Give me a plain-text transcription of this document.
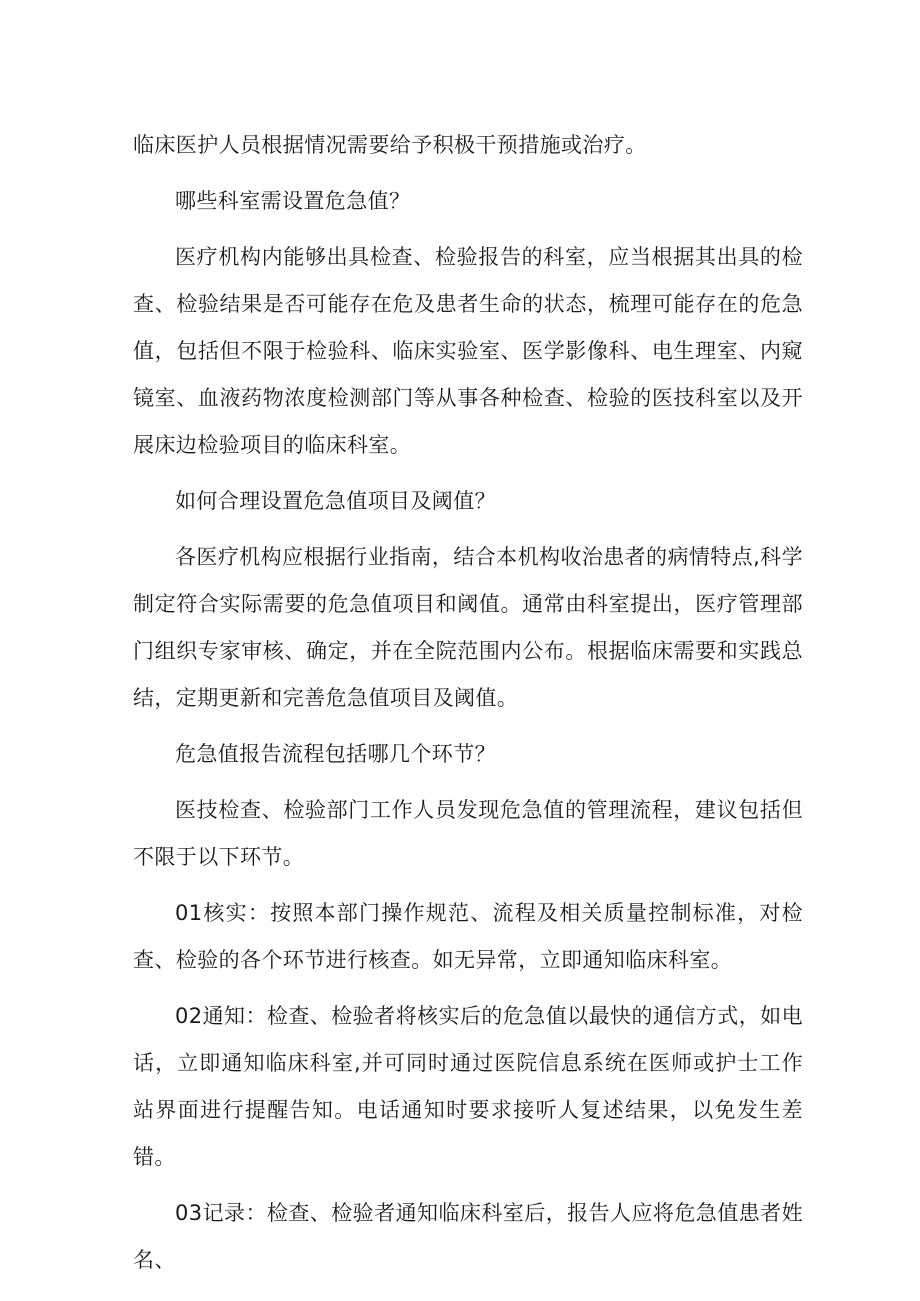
临床医护人员根据情况需要给予积极干预措施或治疗。

哪些科室需设置危急值？

医疗机构内能够出具检查、检验报告的科室，应当根据其出具的检查、检验结果是否可能存在危及患者生命的状态，梳理可能存在的危急值，包括但不限于检验科、临床实验室、医学影像科、电生理室、内窥镜室、血液药物浓度检测部门等从事各种检查、检验的医技科室以及开展床边检验项目的临床科室。

如何合理设置危急值项目及阈值？

各医疗机构应根据行业指南，结合本机构收治患者的病情特点,科学制定符合实际需要的危急值项目和阈值。通常由科室提出，医疗管理部门组织专家审核、确定，并在全院范围内公布。根据临床需要和实践总结，定期更新和完善危急值项目及阈值。

危急值报告流程包括哪几个环节？

医技检查、检验部门工作人员发现危急值的管理流程，建议包括但不限于以下环节。

01核实：按照本部门操作规范、流程及相关质量控制标准，对检查、检验的各个环节进行核查。如无异常，立即通知临床科室。

02通知：检查、检验者将核实后的危急值以最快的通信方式，如电话，立即通知临床科室,并可同时通过医院信息系统在医师或护士工作站界面进行提醒告知。电话通知时要求接听人复述结果，以免发生差错。

03记录：检查、检验者通知临床科室后，报告人应将危急值患者姓名、
